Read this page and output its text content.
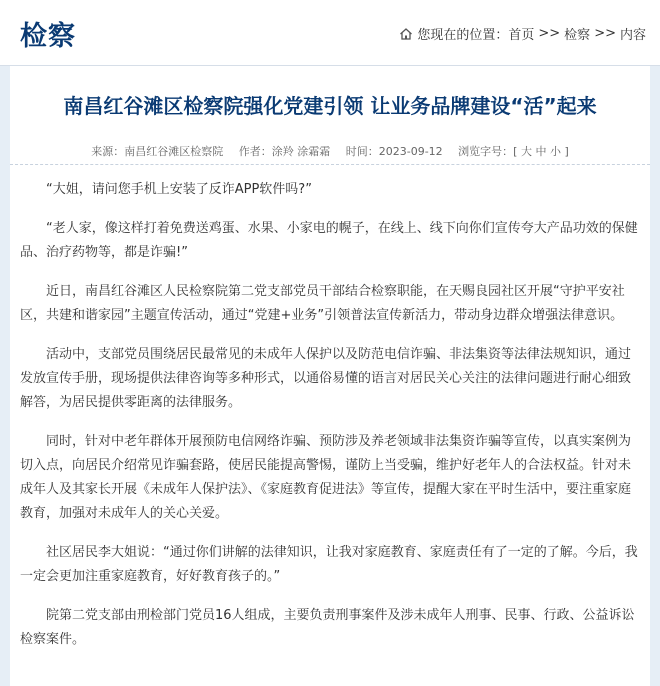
检察	您现在的位置： 首页 >> 检察 >> 内容
南昌红谷滩区检察院强化党建引领 让业务品牌建设“活”起来
来源：南昌红谷滩区检察院 作者：涂羚 涂霜霜 时间：2023-09-12 浏览字号：[ 大 中 小 ]

“大姐，请问您手机上安装了反诈APP软件吗?”

“老人家，像这样打着免费送鸡蛋、水果、小家电的幌子，在线上、线下向你们宣传夸大产品功效的保健品、治疗药物等，都是诈骗!”

近日，南昌红谷滩区人民检察院第二党支部党员干部结合检察职能，在天赐良园社区开展“守护平安社区，共建和谐家园”主题宣传活动，通过“党建+业务”引领普法宣传新活力，带动身边群众增强法律意识。

活动中，支部党员围绕居民最常见的未成年人保护以及防范电信诈骗、非法集资等法律法规知识，通过发放宣传手册，现场提供法律咨询等多种形式，以通俗易懂的语言对居民关心关注的法律问题进行耐心细致解答，为居民提供零距离的法律服务。

同时，针对中老年群体开展预防电信网络诈骗、预防涉及养老领域非法集资诈骗等宣传，以真实案例为切入点，向居民介绍常见诈骗套路，使居民能提高警惕，谨防上当受骗，维护好老年人的合法权益。针对未成年人及其家长开展《未成年人保护法》、《家庭教育促进法》等宣传，提醒大家在平时生活中，要注重家庭教育，加强对未成年人的关心关爱。

社区居民李大姐说：“通过你们讲解的法律知识，让我对家庭教育、家庭责任有了一定的了解。今后，我一定会更加注重家庭教育，好好教育孩子的。”

院第二党支部由刑检部门党员16人组成，主要负责刑事案件及涉未成年人刑事、民事、行政、公益诉讼检察案件。
